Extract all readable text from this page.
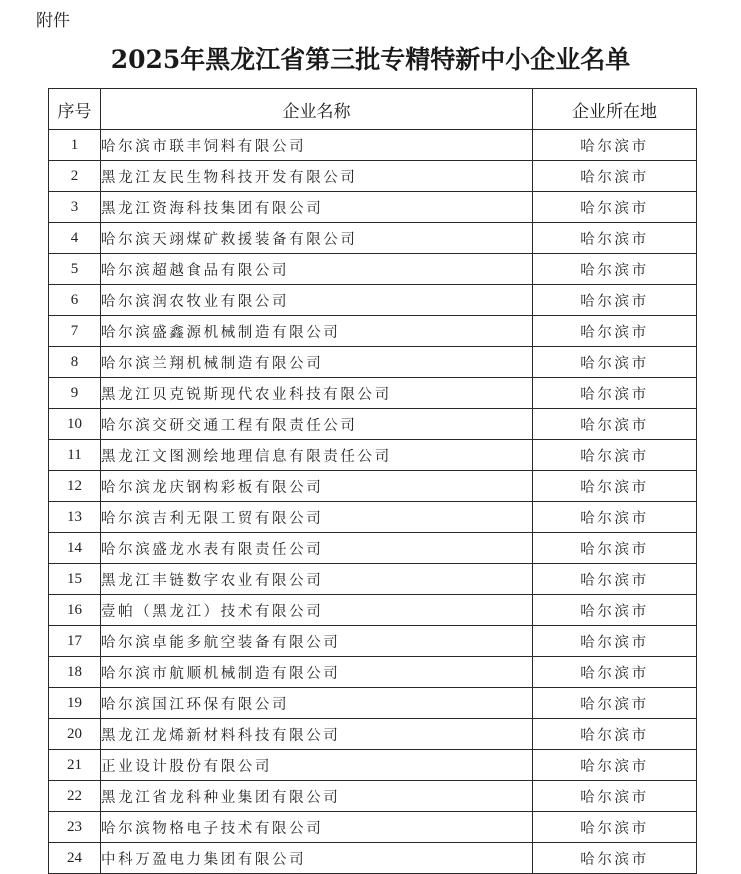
附件
2025年黑龙江省第三批专精特新中小企业名单
序号	企业名称	企业所在地
1	哈尔滨市联丰饲料有限公司	哈尔滨市
2	黑龙江友民生物科技开发有限公司	哈尔滨市
3	黑龙江资海科技集团有限公司	哈尔滨市
4	哈尔滨天翊煤矿救援装备有限公司	哈尔滨市
5	哈尔滨超越食品有限公司	哈尔滨市
6	哈尔滨润农牧业有限公司	哈尔滨市
7	哈尔滨盛鑫源机械制造有限公司	哈尔滨市
8	哈尔滨兰翔机械制造有限公司	哈尔滨市
9	黑龙江贝克锐斯现代农业科技有限公司	哈尔滨市
10	哈尔滨交研交通工程有限责任公司	哈尔滨市
11	黑龙江文图测绘地理信息有限责任公司	哈尔滨市
12	哈尔滨龙庆钢构彩板有限公司	哈尔滨市
13	哈尔滨吉利无限工贸有限公司	哈尔滨市
14	哈尔滨盛龙水表有限责任公司	哈尔滨市
15	黑龙江丰链数字农业有限公司	哈尔滨市
16	壹帕（黑龙江）技术有限公司	哈尔滨市
17	哈尔滨卓能多航空装备有限公司	哈尔滨市
18	哈尔滨市航顺机械制造有限公司	哈尔滨市
19	哈尔滨国江环保有限公司	哈尔滨市
20	黑龙江龙烯新材料科技有限公司	哈尔滨市
21	正业设计股份有限公司	哈尔滨市
22	黑龙江省龙科种业集团有限公司	哈尔滨市
23	哈尔滨物格电子技术有限公司	哈尔滨市
24	中科万盈电力集团有限公司	哈尔滨市
